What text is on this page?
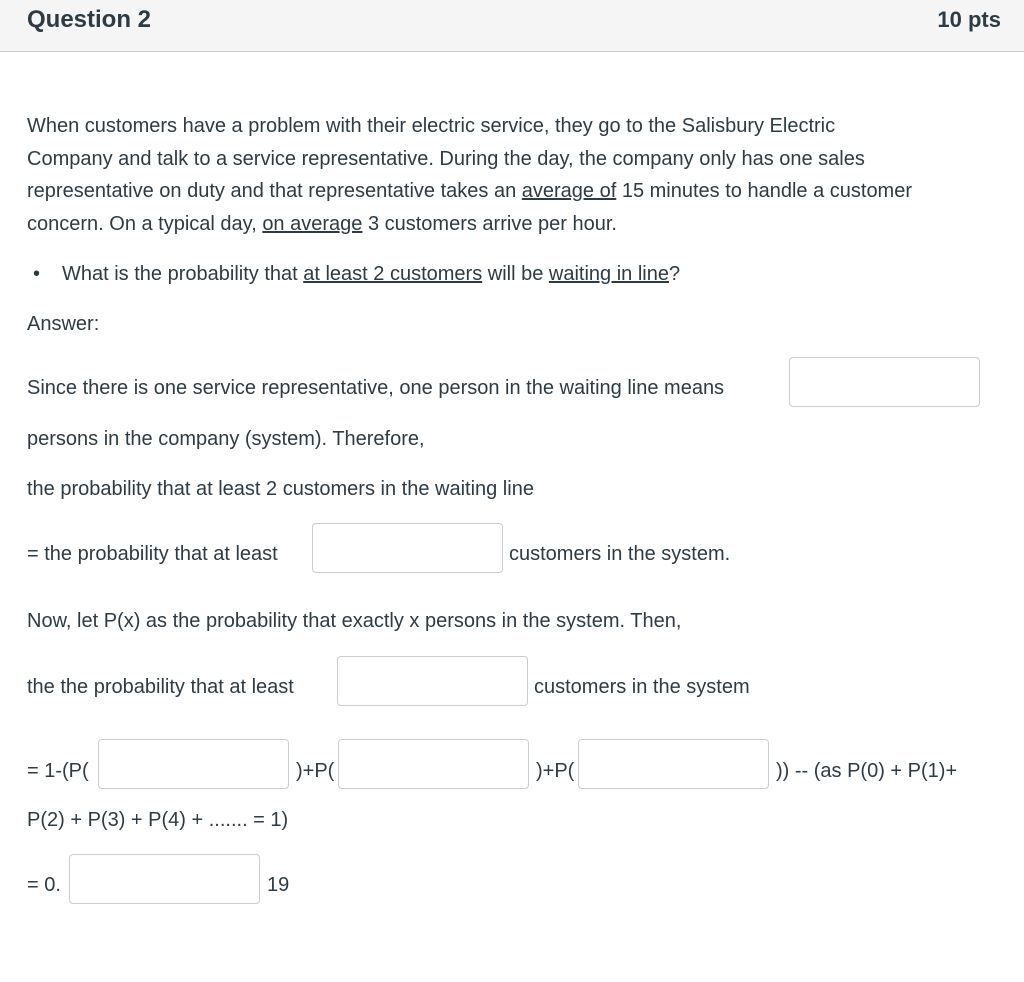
Question 2	10 pts
When customers have a problem with their electric service, they go to the Salisbury Electric
Company and talk to a service representative. During the day, the company only has one sales
representative on duty and that representative takes an average of 15 minutes to handle a customer
concern. On a typical day, on average 3 customers arrive per hour.
• What is the probability that at least 2 customers will be waiting in line?
Answer:
Since there is one service representative, one person in the waiting line means
persons in the company (system). Therefore,
the probability that at least 2 customers in the waiting line
= the probability that at least	customers in the system.
Now, let P(x) as the probability that exactly x persons in the system. Then,
the the probability that at least	customers in the system
= 1-(P(	)+P(	)+P(	)) -- (as P(0) + P(1)+
P(2) + P(3) + P(4) + ....... = 1)
= 0.	19
